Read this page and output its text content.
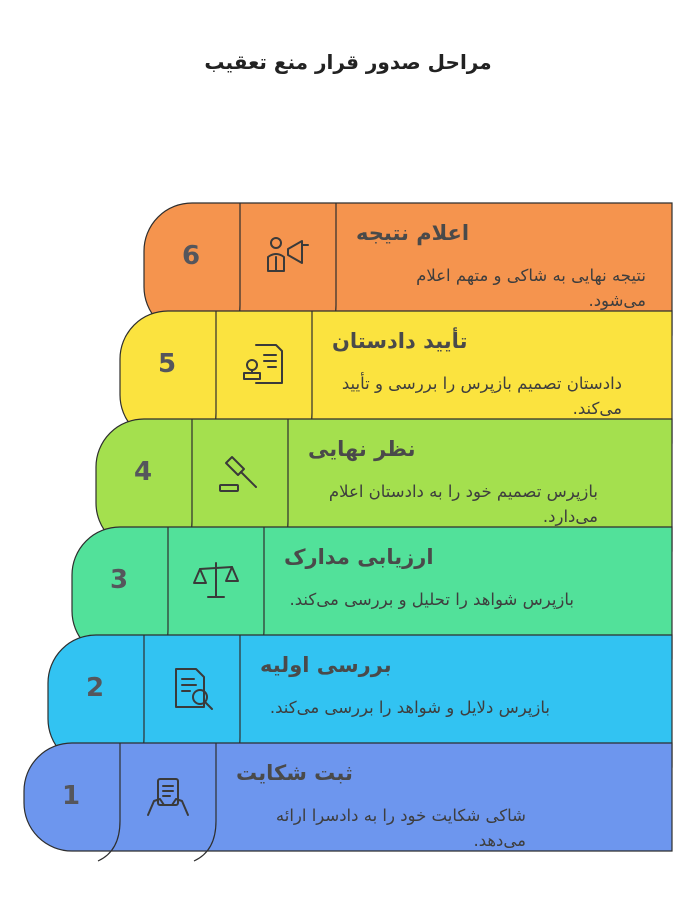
مراحل صدور قرار منع تعقیب
6
اعلام نتیجه
نتیجه نهایی به شاکی و متهم اعلام می‌شود.
5
تأیید دادستان
دادستان تصمیم بازپرس را بررسی و تأیید می‌کند.
4
نظر نهایی
بازپرس تصمیم خود را به دادستان اعلام می‌دارد.
3
ارزیابی مدارک
بازپرس شواهد را تحلیل و بررسی می‌کند.
2
بررسی اولیه
بازپرس دلایل و شواهد را بررسی می‌کند.
1
ثبت شکایت
شاکی شکایت خود را به دادسرا ارائه می‌دهد.
